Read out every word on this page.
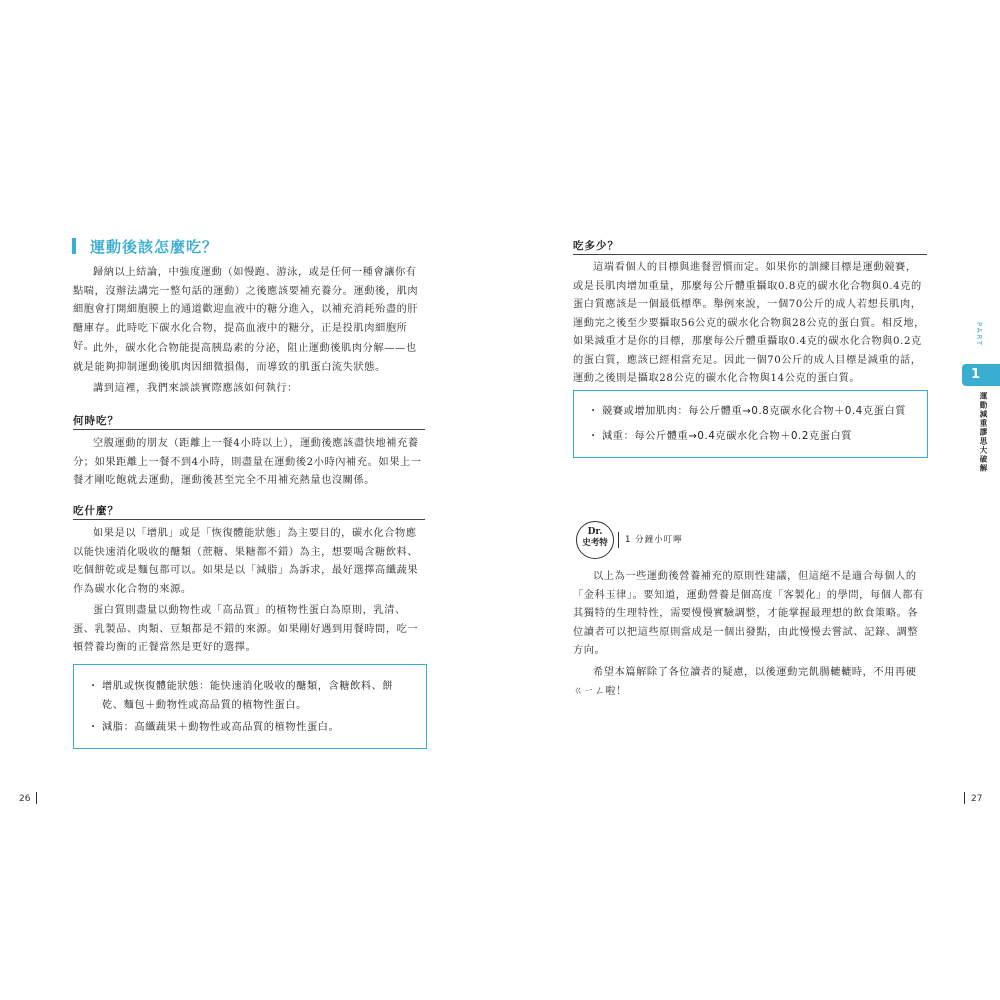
運動後該怎麼吃？

歸納以上結論，中強度運動（如慢跑、游泳，或是任何一種會讓你有點喘，沒辦法講完一整句話的運動）之後應該要補充養分。運動後，肌肉細胞會打開細胞膜上的通道歡迎血液中的糖分進入，以補充消耗殆盡的肝醣庫存。此時吃下碳水化合物，提高血液中的糖分，正是投肌肉細胞所好。

此外，碳水化合物能提高胰島素的分泌，阻止運動後肌肉分解——也就是能夠抑制運動後肌肉因細微損傷，而導致的肌蛋白流失狀態。

講到這裡，我們來談談實際應該如何執行：

何時吃？

空腹運動的朋友（距離上一餐4小時以上），運動後應該盡快地補充養分；如果距離上一餐不到4小時，則盡量在運動後2小時內補充。如果上一餐才剛吃飽就去運動，運動後甚至完全不用補充熱量也沒關係。

吃什麼？

如果是以「增肌」或是「恢復體能狀態」為主要目的，碳水化合物應以能快速消化吸收的醣類（蔗糖、果糖都不錯）為主，想要喝含糖飲料、吃個餅乾或是麵包都可以。如果是以「減脂」為訴求，最好選擇高纖蔬果作為碳水化合物的來源。

蛋白質則盡量以動物性或「高品質」的植物性蛋白為原則，乳清、蛋、乳製品、肉類、豆類都是不錯的來源。如果剛好遇到用餐時間，吃一頓營養均衡的正餐當然是更好的選擇。

・ 增肌或恢復體能狀態：能快速消化吸收的醣類，含糖飲料、餅乾、麵包＋動物性或高品質的植物性蛋白。
・ 減脂：高纖蔬果＋動物性或高品質的植物性蛋白。
26

吃多少？

這端看個人的目標與進餐習慣而定。如果你的訓練目標是運動競賽，或是長肌肉增加重量，那麼每公斤體重攝取0.8克的碳水化合物與0.4克的蛋白質應該是一個最低標準。舉例來說，一個70公斤的成人若想長肌肉，運動完之後至少要攝取56公克的碳水化合物與28公克的蛋白質。相反地，如果減重才是你的目標，那麼每公斤體重攝取0.4克的碳水化合物與0.2克的蛋白質，應該已經相當充足。因此一個70公斤的成人目標是減重的話，運動之後則是攝取28公克的碳水化合物與14公克的蛋白質。

・ 競賽或增加肌肉：每公斤體重→0.8克碳水化合物＋0.4克蛋白質
・ 減重：每公斤體重→0.4克碳水化合物＋0.2克蛋白質
Dr.
史考特	1 分鐘小叮嚀

以上為一些運動後營養補充的原則性建議，但這絕不是適合每個人的「金科玉律」。要知道，運動營養是個高度「客製化」的學問，每個人都有其獨特的生理特性，需要慢慢實驗調整，才能掌握最理想的飲食策略。各位讀者可以把這些原則當成是一個出發點，由此慢慢去嘗試、記錄、調整方向。

希望本篇解除了各位讀者的疑慮，以後運動完飢腸轆轆時，不用再硬ㄍㄧㄥ啦！

PART
1
運動減重謬思大破解
27
